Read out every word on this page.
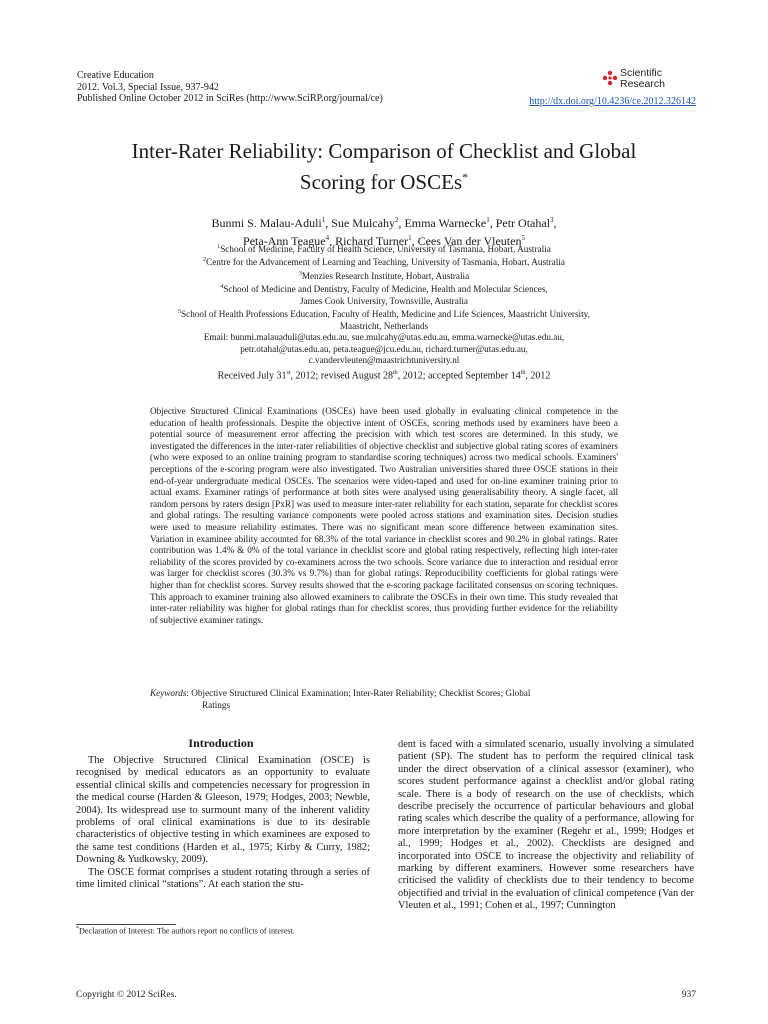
Creative Education
2012. Vol.3, Special Issue, 937-942
Published Online October 2012 in SciRes (http://www.SciRP.org/journal/ce)
Scientific
Research
http://dx.doi.org/10.4236/ce.2012.326142
Inter-Rater Reliability: Comparison of Checklist and Global
Scoring for OSCEs*
Bunmi S. Malau-Aduli$^1$, Sue Mulcahy$^2$, Emma Warnecke$^1$, Petr Otahal$^3$,
Peta-Ann Teague$^4$, Richard Turner$^1$, Cees Van der Vleuten$^5$
$^1$School of Medicine, Faculty of Health Science, University of Tasmania, Hobart, Australia
$^2$Centre for the Advancement of Learning and Teaching, University of Tasmania, Hobart, Australia
$^3$Menzies Research Institute, Hobart, Australia
$^4$School of Medicine and Dentistry, Faculty of Medicine, Health and Molecular Sciences,
James Cook University, Townsville, Australia
$^5$School of Health Professions Education, Faculty of Health, Medicine and Life Sciences, Maastricht University,
Maastricht, Netherlands
Email: bunmi.malauaduli@utas.edu.au, sue.mulcahy@utas.edu.au, emma.warnecke@utas.edu.au,
petr.otahal@utas.edu.au, peta.teague@jcu.edu.au, richard.turner@utas.edu.au,
c.vandervleuten@maastrichtuniversity.nl
Received July 31st, 2012; revised August 28th, 2012; accepted September 14th, 2012
Objective Structured Clinical Examinations (OSCEs) have been used globally in evaluating clinical competence in the education of health professionals. Despite the objective intent of OSCEs, scoring methods used by examiners have been a potential source of measurement error affecting the precision with which test scores are determined. In this study, we investigated the differences in the inter-rater reliabilities of objective checklist and subjective global rating scores of examiners (who were exposed to an online training program to standardise scoring techniques) across two medical schools. Examiners' perceptions of the e-scoring program were also investigated. Two Australian universities shared three OSCE stations in their end-of-year undergraduate medical OSCEs. The scenarios were video-taped and used for on-line examiner training prior to actual exams. Examiner ratings of performance at both sites were analysed using generalisability theory. A single facet, all random persons by raters design [PxR] was used to measure inter-rater reliability for each station, separate for checklist scores and global ratings. The resulting variance components were pooled across stations and examination sites. Decision studies were used to measure reliability estimates. There was no significant mean score difference between examination sites. Variation in examinee ability accounted for 68.3% of the total variance in checklist scores and 90.2% in global ratings. Rater contribution was 1.4% & 0% of the total variance in checklist score and global rating respectively, reflecting high inter-rater reliability of the scores provided by co-examiners across the two schools. Score variance due to interaction and residual error was larger for checklist scores (30.3% vs 9.7%) than for global ratings. Reproducibility coefficients for global ratings were higher than for checklist scores. Survey results showed that the e-scoring package facilitated consensus on scoring techniques. This approach to examiner training also allowed examiners to calibrate the OSCEs in their own time. This study revealed that inter-rater reliability was higher for global ratings than for checklist scores, thus providing further evidence for the reliability of subjective examiner ratings.
Keywords: Objective Structured Clinical Examination; Inter-Rater Reliability; Checklist Scores; Global
Ratings
Introduction

The Objective Structured Clinical Examination (OSCE) is recognised by medical educators as an opportunity to evaluate essential clinical skills and competencies necessary for progression in the medical course (Harden & Gleeson, 1979; Hodges, 2003; Newble, 2004). Its widespread use to surmount many of the inherent validity problems of oral clinical examinations is due to its desirable characteristics of objective testing in which examinees are exposed to the same test conditions (Harden et al., 1975; Kirby & Curry, 1982; Downing & Yudkowsky, 2009).

The OSCE format comprises a student rotating through a series of time limited clinical “stations”. At each station the stu-

dent is faced with a simulated scenario, usually involving a simulated patient (SP). The student has to perform the required clinical task under the direct observation of a clinical assessor (examiner), who scores student performance against a checklist and/or global rating scale. There is a body of research on the use of checklists, which describe precisely the occurrence of particular behaviours and global rating scales which describe the quality of a performance, allowing for more interpretation by the examiner (Regehr et al., 1999; Hodges et al., 1999; Hodges et al., 2002). Checklists are designed and incorporated into OSCE to increase the objectivity and reliability of marking by different examiners. However some researchers have criticised the validity of checklists due to their tendency to become objectified and trivial in the evaluation of clinical competence (Van der Vleuten et al., 1991; Cohen et al., 1997; Cunnington
*Declaration of Interest: The authors report no conflicts of interest.
Copyright © 2012 SciRes.	937
